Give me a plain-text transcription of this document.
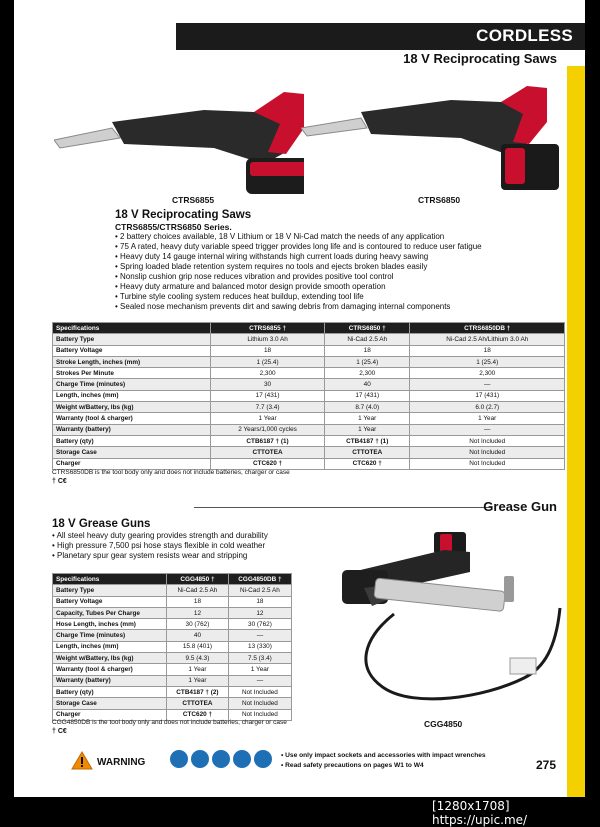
CORDLESS
18 V Reciprocating Saws
CTRS6855	CTRS6850
18 V Reciprocating Saws
CTRS6855/CTRS6850 Series.
• 2 battery choices available, 18 V Lithium or 18 V Ni-Cad match the needs of any application
• 75 A rated, heavy duty variable speed trigger provides long life and is contoured to reduce user fatigue
• Heavy duty 14 gauge internal wiring withstands high current loads during heavy sawing
• Spring loaded blade retention system requires no tools and ejects broken blades easily
• Nonslip cushion grip nose reduces vibration and provides positive tool control
• Heavy duty armature and balanced motor design provide smooth operation
• Turbine style cooling system reduces heat buildup, extending tool life
• Sealed nose mechanism prevents dirt and sawing debris from damaging internal components
Specifications	CTRS6855 †	CTRS6850 †	CTRS6850DB †
Battery Type	Lithium 3.0 Ah	Ni-Cad 2.5 Ah	Ni-Cad 2.5 Ah/Lithium 3.0 Ah
Battery Voltage	18	18	18
Stroke Length, inches (mm)	1 (25.4)	1 (25.4)	1 (25.4)
Strokes Per Minute	2,300	2,300	2,300
Charge Time (minutes)	30	40	—
Length, inches (mm)	17 (431)	17 (431)	17 (431)
Weight w/Battery, lbs (kg)	7.7 (3.4)	8.7 (4.0)	6.0 (2.7)
Warranty (tool & charger)	1 Year	1 Year	1 Year
Warranty (battery)	2 Years/1,000 cycles	1 Year	—
Battery (qty)	CTB6187 † (1)	CTB4187 † (1)	Not Included
Storage Case	CTTOTEA	CTTOTEA	Not Included
Charger	CTC620 †	CTC620 †	Not Included
CTRS6850DB is the tool body only and does not include batteries, charger or case
† C€
Grease Gun
18 V Grease Guns
• All steel heavy duty gearing provides strength and durability
• High pressure 7,500 psi hose stays flexible in cold weather
• Planetary spur gear system resists wear and stripping
Specifications	CGG4850 †	CGG4850DB †
Battery Type	Ni-Cad 2.5 Ah	Ni-Cad 2.5 Ah
Battery Voltage	18	18
Capacity, Tubes Per Charge	12	12
Hose Length, inches (mm)	30 (762)	30 (762)
Charge Time (minutes)	40	—
Length, inches (mm)	15.8 (401)	13 (330)
Weight w/Battery, lbs (kg)	9.5 (4.3)	7.5 (3.4)
Warranty (tool & charger)	1 Year	1 Year
Warranty (battery)	1 Year	—
Battery (qty)	CTB4187 † (2)	Not Included
Storage Case	CTTOTEA	Not Included
Charger	CTC620 †	Not Included
CGG4850DB is the tool body only and does not include batteries, charger or case
† C€
CGG4850
WARNING
• Use only impact sockets and accessories with impact wrenches
• Read safety precautions on pages W1 to W4	275
[1280x1708] https://upic.me/
